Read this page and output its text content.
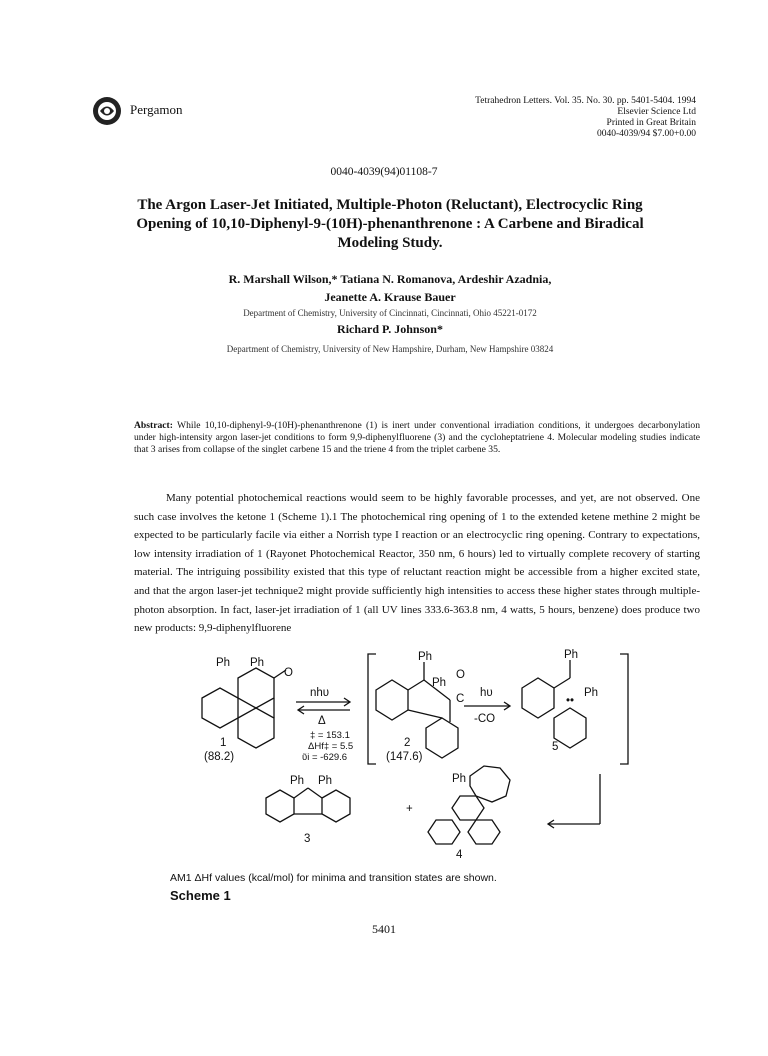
Pergamon
Tetrahedron Letters. Vol. 35. No. 30. pp. 5401-5404. 1994
Elsevier Science Ltd
Printed in Great Britain
0040-4039/94 $7.00+0.00
0040-4039(94)01108-7
The Argon Laser-Jet Initiated, Multiple-Photon (Reluctant), Electrocyclic Ring Opening of 10,10-Diphenyl-9-(10H)-phenanthrenone : A Carbene and Biradical Modeling Study.
R. Marshall Wilson,* Tatiana N. Romanova, Ardeshir Azadnia,
Jeanette A. Krause Bauer
Department of Chemistry, University of Cincinnati, Cincinnati, Ohio 45221-0172
Richard P. Johnson*
Department of Chemistry, University of New Hampshire, Durham, New Hampshire 03824
Abstract: While 10,10-diphenyl-9-(10H)-phenanthrenone (1) is inert under conventional irradiation conditions, it undergoes decarbonylation under high-intensity argon laser-jet conditions to form 9,9-diphenylfluorene (3) and the cycloheptatriene 4. Molecular modeling studies indicate that 3 arises from collapse of the singlet carbene 15 and the triene 4 from the triplet carbene 35.
Many potential photochemical reactions would seem to be highly favorable processes, and yet, are not observed. One such case involves the ketone 1 (Scheme 1).1 The photochemical ring opening of 1 to the extended ketene methine 2 might be expected to be particularly facile via either a Norrish type I reaction or an electrocyclic ring opening. Contrary to expectations, low intensity irradiation of 1 (Rayonet Photochemical Reactor, 350 nm, 6 hours) led to virtually complete recovery of starting material. The intriguing possibility existed that this type of reluctant reaction might be accessible from a higher excited state, and that the argon laser-jet technique2 might provide sufficiently high intensities to access these higher states through multiple-photon absorption. In fact, laser-jet irradiation of 1 (all UV lines 333.6-363.8 nm, 4 watts, 5 hours, benzene) does produce two new products: 9,9-diphenylfluorene
Ph Ph
O
nhυ
Δ
‡ = 153.1
ΔHf‡ = 5.5
ῦi = -629.6
1
(88.2)
Ph
Ph
O
C
2
(147.6)
hυ
-CO
Ph
Ph
••
5
Ph Ph
3
+
Ph
4
AM1 ΔHf values (kcal/mol) for minima and transition states are shown.
Scheme 1
5401
